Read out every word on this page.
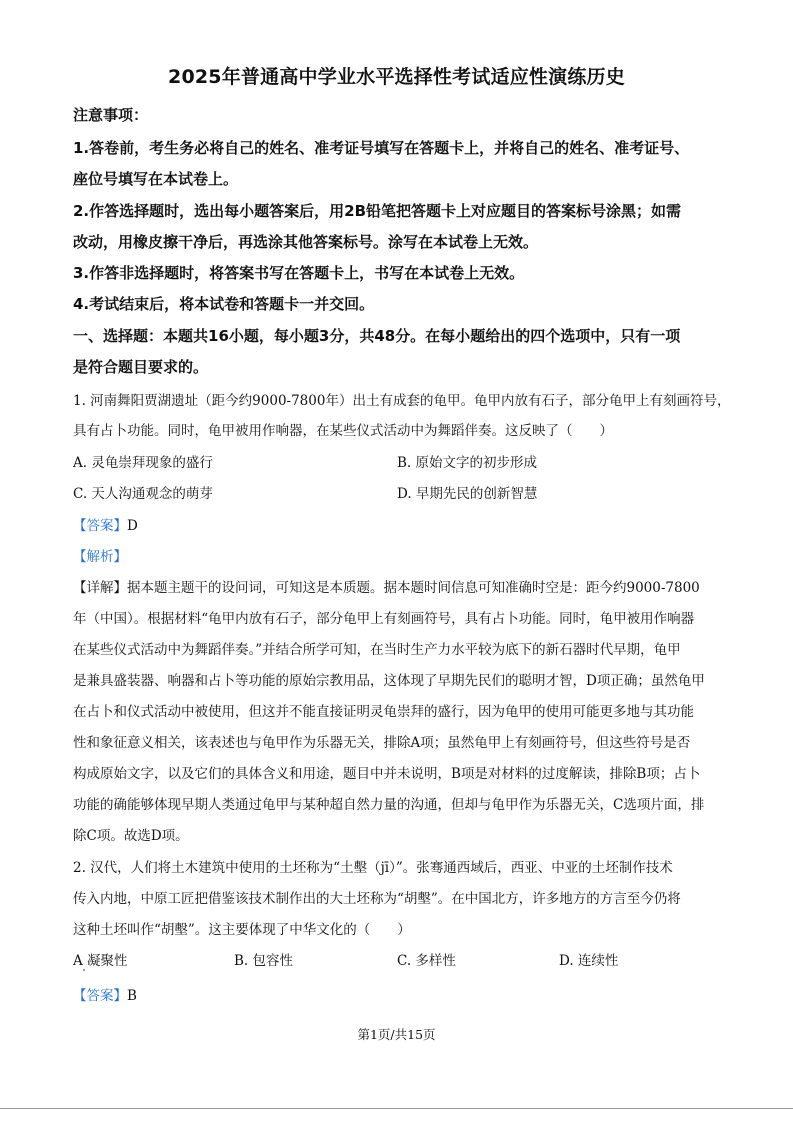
2025年普通高中学业水平选择性考试适应性演练历史
注意事项：
1.答卷前，考生务必将自己的姓名、准考证号填写在答题卡上，并将自己的姓名、准考证号、
座位号填写在本试卷上。
2.作答选择题时，选出每小题答案后，用2B铅笔把答题卡上对应题目的答案标号涂黑；如需
改动，用橡皮擦干净后，再选涂其他答案标号。涂写在本试卷上无效。
3.作答非选择题时，将答案书写在答题卡上，书写在本试卷上无效。
4.考试结束后，将本试卷和答题卡一并交回。
一、选择题：本题共16小题，每小题3分，共48分。在每小题给出的四个选项中，只有一项
是符合题目要求的。
1. 河南舞阳贾湖遗址（距今约9000-7800年）出土有成套的龟甲。龟甲内放有石子，部分龟甲上有刻画符号，
具有占卜功能。同时，龟甲被用作响器，在某些仪式活动中为舞蹈伴奏。这反映了（　　）
A. 灵龟崇拜现象的盛行	B. 原始文字的初步形成
C. 天人沟通观念的萌芽	D. 早期先民的创新智慧
【答案】D
【解析】
【详解】据本题主题干的设问词，可知这是本质题。据本题时间信息可知准确时空是：距今约9000-7800
年（中国）。根据材料“龟甲内放有石子，部分龟甲上有刻画符号，具有占卜功能。同时，龟甲被用作响器
在某些仪式活动中为舞蹈伴奏。”并结合所学可知，在当时生产力水平较为底下的新石器时代早期，龟甲
是兼具盛装器、响器和占卜等功能的原始宗教用品，这体现了早期先民们的聪明才智，D项正确；虽然龟甲
在占卜和仪式活动中被使用，但这并不能直接证明灵龟崇拜的盛行，因为龟甲的使用可能更多地与其功能
性和象征意义相关，该表述也与龟甲作为乐器无关，排除A项；虽然龟甲上有刻画符号，但这些符号是否
构成原始文字，以及它们的具体含义和用途，题目中并未说明，B项是对材料的过度解读，排除B项；占卜
功能的确能够体现早期人类通过龟甲与某种超自然力量的沟通，但却与龟甲作为乐器无关，C选项片面，排
除C项。故选D项。
2. 汉代，人们将土木建筑中使用的土坯称为“土墼（jī）”。张骞通西域后，西亚、中亚的土坯制作技术
传入内地，中原工匠把借鉴该技术制作出的大土坯称为“胡墼”。在中国北方，许多地方的方言至今仍将
这种土坯叫作“胡墼”。这主要体现了中华文化的（　　）
A 凝聚性	B. 包容性	C. 多样性	D. 连续性
【答案】B
第1页/共15页
